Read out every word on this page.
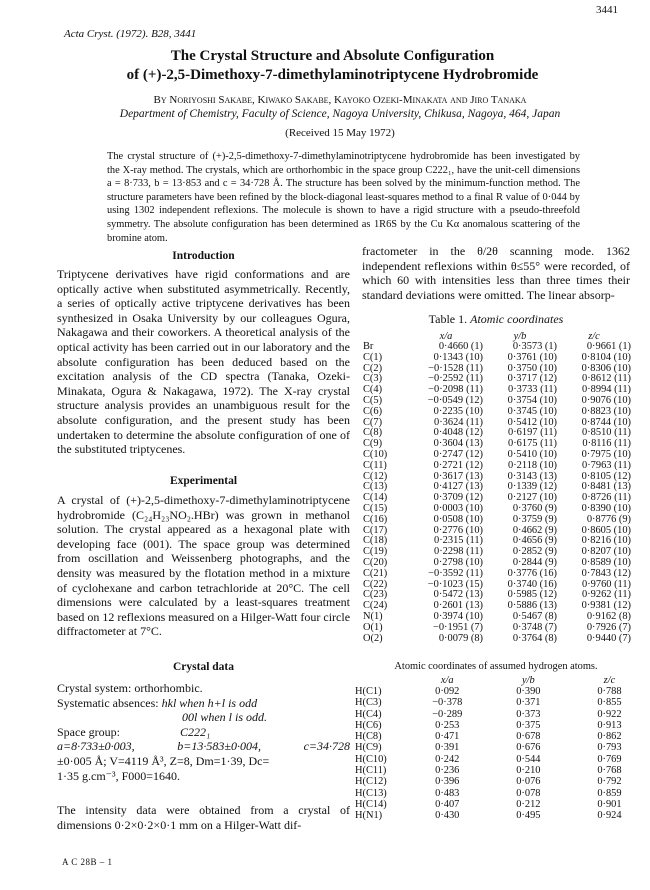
3441
Acta Cryst. (1972). B28, 3441
The Crystal Structure and Absolute Configuration
of (+)-2,5-Dimethoxy-7-dimethylaminotriptycene Hydrobromide
By Noriyoshi Sakabe, Kiwako Sakabe, Kayoko Ozeki-Minakata and Jiro Tanaka
Department of Chemistry, Faculty of Science, Nagoya University, Chikusa, Nagoya, 464, Japan
(Received 15 May 1972)
The crystal structure of (+)-2,5-dimethoxy-7-dimethylaminotriptycene hydrobromide has been investigated by the X-ray method. The crystals, which are orthorhombic in the space group C222₁, have the unit-cell dimensions a = 8·733, b = 13·853 and c = 34·728 Å. The structure has been solved by the minimum-function method. The structure parameters have been refined by the block-diagonal least-squares method to a final R value of 0·044 by using 1302 independent reflexions. The molecule is shown to have a rigid structure with a pseudo-threefold symmetry. The absolute configuration has been determined as 1R6S by the Cu Kα anomalous scattering of the bromine atom.
Introduction
Triptycene derivatives have rigid conformations and are optically active when substituted asymmetrically. Recently, a series of optically active triptycene derivatives has been synthesized in Osaka University by our colleagues Ogura, Nakagawa and their coworkers. A theoretical analysis of the optical activity has been carried out in our laboratory and the absolute configuration has been deduced based on the excitation analysis of the CD spectra (Tanaka, Ozeki-Minakata, Ogura & Nakagawa, 1972). The X-ray crystal structure analysis provides an unambiguous result for the absolute configuration, and the present study has been undertaken to determine the absolute configuration of one of the substituted triptycenes.
Experimental
A crystal of (+)-2,5-dimethoxy-7-dimethylaminotriptycene hydrobromide (C₂₄H₂₃NO₂.HBr) was grown in methanol solution. The crystal appeared as a hexagonal plate with developing face (001). The space group was determined from oscillation and Weissenberg photographs, and the density was measured by the flotation method in a mixture of cyclohexane and carbon tetrachloride at 20°C. The cell dimensions were calculated by a least-squares treatment based on 12 reflexions measured on a Hilger-Watt four circle diffractometer at 7°C.
Crystal data
Crystal system: orthorhombic.
Systematic absences:
hkl when h+l is odd
00l when l is odd.
Space group:	C222₁
a=8·733±0·003,	b=13·583±0·004,	c=34·728
±0·005 Å; V=4119 Å³, Z=8, Dm=1·39, Dc=
1·35 g.cm⁻³, F000=1640.
The intensity data were obtained from a crystal of dimensions 0·2×0·2×0·1 mm on a Hilger-Watt dif-
fractometer in the θ/2θ scanning mode. 1362 independent reflexions within θ≤55° were recorded, of which 60 with intensities less than three times their standard deviations were omitted. The linear absorp-
Table 1. Atomic coordinates
	x/a	y/b	z/c
Br	0·4660 (1)	0·3573 (1)	0·9661 (1)
C(1)	0·1343 (10)	0·3761 (10)	0·8104 (10)
C(2)	−0·1528 (11)	0·3750 (10)	0·8306 (10)
C(3)	−0·2592 (11)	0·3717 (12)	0·8612 (11)
C(4)	−0·2098 (11)	0·3733 (11)	0·8994 (11)
C(5)	−0·0549 (12)	0·3754 (10)	0·9076 (10)
C(6)	0·2235 (10)	0·3745 (10)	0·8823 (10)
C(7)	0·3624 (11)	0·5412 (10)	0·8744 (10)
C(8)	0·4048 (12)	0·6197 (11)	0·8510 (11)
C(9)	0·3604 (13)	0·6175 (11)	0·8116 (11)
C(10)	0·2747 (12)	0·5410 (10)	0·7975 (10)
C(11)	0·2721 (12)	0·2118 (10)	0·7963 (11)
C(12)	0·3617 (13)	0·3143 (13)	0·8105 (12)
C(13)	0·4127 (13)	0·1339 (12)	0·8481 (13)
C(14)	0·3709 (12)	0·2127 (10)	0·8726 (11)
C(15)	0·0003 (10)	0·3760 (9)	0·8390 (10)
C(16)	0·0508 (10)	0·3759 (9)	0·8776 (9)
C(17)	0·2776 (10)	0·4662 (9)	0·8605 (10)
C(18)	0·2315 (11)	0·4656 (9)	0·8216 (10)
C(19)	0·2298 (11)	0·2852 (9)	0·8207 (10)
C(20)	0·2798 (10)	0·2844 (9)	0·8589 (10)
C(21)	−0·3592 (11)	0·3776 (16)	0·7843 (12)
C(22)	−0·1023 (15)	0·3740 (16)	0·9760 (11)
C(23)	0·5472 (13)	0·5985 (12)	0·9262 (11)
C(24)	0·2601 (13)	0·5886 (13)	0·9381 (12)
N(1)	0·3974 (10)	0·5467 (8)	0·9162 (8)
O(1)	−0·1951 (7)	0·3748 (7)	0·7926 (7)
O(2)	0·0079 (8)	0·3764 (8)	0·9440 (7)
Atomic coordinates of assumed hydrogen atoms.
	x/a	y/b	z/c
H(C1)	0·092	0·390	0·788
H(C3)	−0·378	0·371	0·855
H(C4)	−0·289	0·373	0·922
H(C6)	0·253	0·375	0·913
H(C8)	0·471	0·678	0·862
H(C9)	0·391	0·676	0·793
H(C10)	0·242	0·544	0·769
H(C11)	0·236	0·210	0·768
H(C12)	0·396	0·076	0·792
H(C13)	0·483	0·078	0·859
H(C14)	0·407	0·212	0·901
H(N1)	0·430	0·495	0·924
A C 28B – 1
